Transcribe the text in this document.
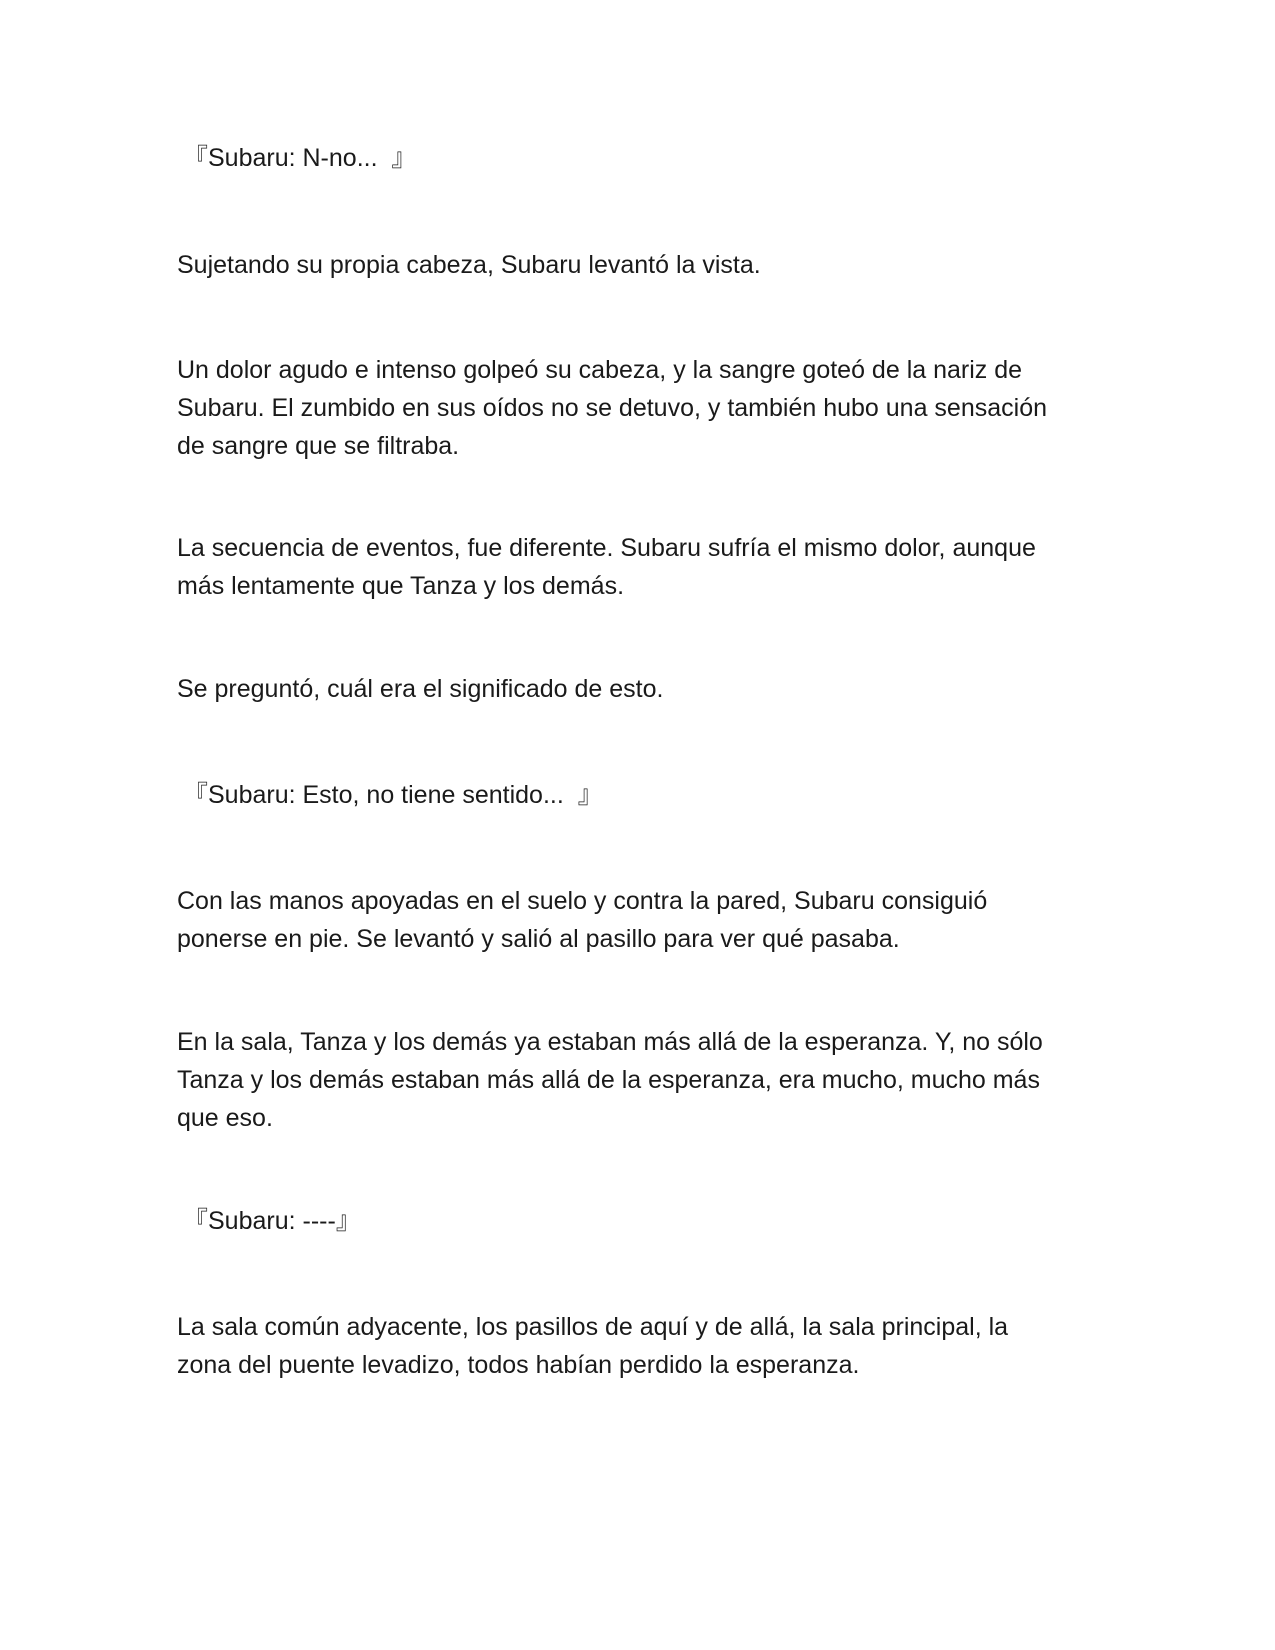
『Subaru: N-no...  』

Sujetando su propia cabeza, Subaru levantó la vista.

Un dolor agudo e intenso golpeó su cabeza, y la sangre goteó de la nariz de
Subaru. El zumbido en sus oídos no se detuvo, y también hubo una sensación
de sangre que se filtraba.

La secuencia de eventos, fue diferente. Subaru sufría el mismo dolor, aunque
más lentamente que Tanza y los demás.

Se preguntó, cuál era el significado de esto.

『Subaru: Esto, no tiene sentido...  』

Con las manos apoyadas en el suelo y contra la pared, Subaru consiguió
ponerse en pie. Se levantó y salió al pasillo para ver qué pasaba.

En la sala, Tanza y los demás ya estaban más allá de la esperanza. Y, no sólo
Tanza y los demás estaban más allá de la esperanza, era mucho, mucho más
que eso.

『Subaru: ----』

La sala común adyacente, los pasillos de aquí y de allá, la sala principal, la
zona del puente levadizo, todos habían perdido la esperanza.
